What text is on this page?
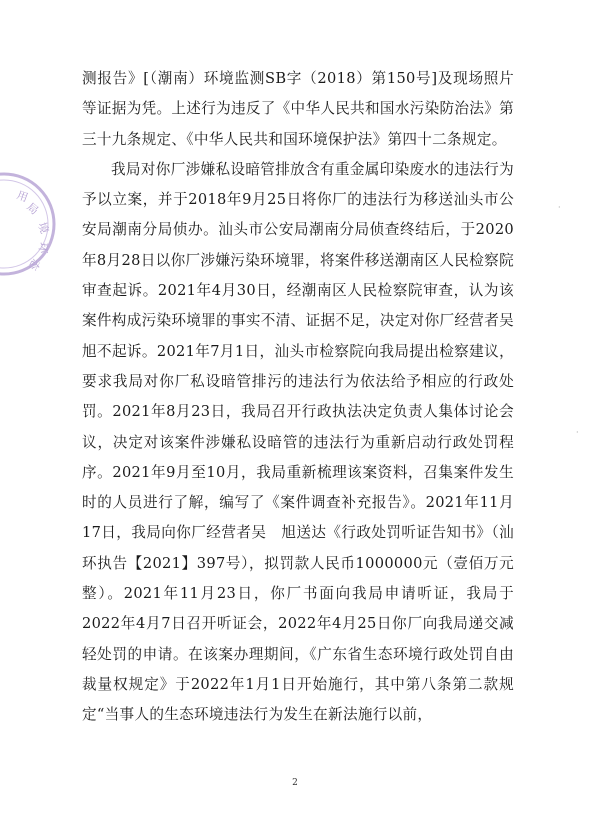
局
境
环
态
用

测报告》[（潮南）环境监测SB字（2018）第150号]及现场照片等证据为凭。上述行为违反了《中华人民共和国水污染防治法》第三十九条规定、《中华人民共和国环境保护法》第四十二条规定。

我局对你厂涉嫌私设暗管排放含有重金属印染废水的违法行为予以立案，并于2018年9月25日将你厂的违法行为移送汕头市公安局潮南分局侦办。汕头市公安局潮南分局侦查终结后，于2020年8月28日以你厂涉嫌污染环境罪，将案件移送潮南区人民检察院审查起诉。2021年4月30日，经潮南区人民检察院审查，认为该案件构成污染环境罪的事实不清、证据不足，决定对你厂经营者吴　旭不起诉。2021年7月1日，汕头市检察院向我局提出检察建议，要求我局对你厂私设暗管排污的违法行为依法给予相应的行政处罚。2021年8月23日，我局召开行政执法决定负责人集体讨论会议，决定对该案件涉嫌私设暗管的违法行为重新启动行政处罚程序。2021年9月至10月，我局重新梳理该案资料，召集案件发生时的人员进行了解，编写了《案件调查补充报告》。2021年11月17日，我局向你厂经营者吴　旭送达《行政处罚听证告知书》（汕环执告【2021】397号），拟罚款人民币1000000元（壹佰万元整）。2021年11月23日，你厂书面向我局申请听证，我局于2022年4月7日召开听证会，2022年4月25日你厂向我局递交减轻处罚的申请。在该案办理期间，《广东省生态环境行政处罚自由裁量权规定》于2022年1月1日开始施行，其中第八条第二款规定“当事人的生态环境违法行为发生在新法施行以前，

·
·
2
